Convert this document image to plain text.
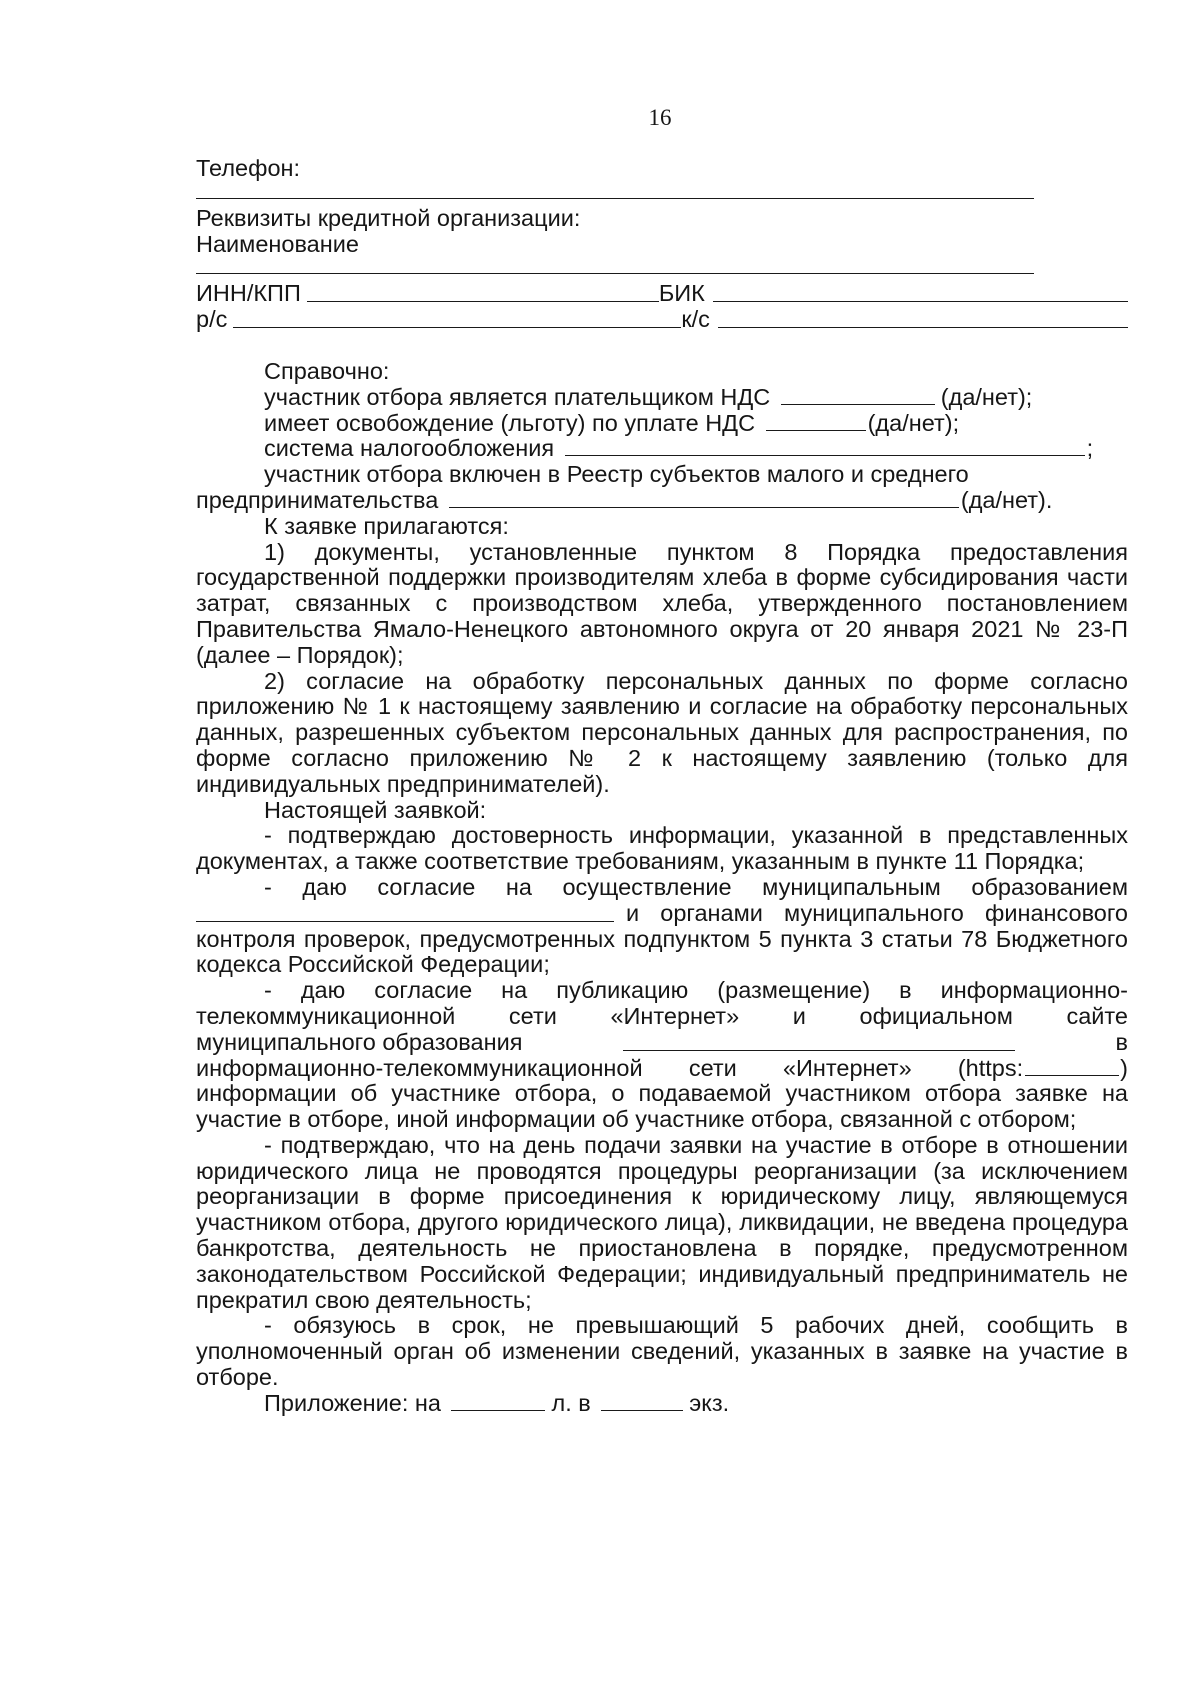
16

Телефон:

Реквизиты кредитной организации:

Наименование

ИНН/КПП	БИК
р/с	к/с

Справочно:

участник отбора является плательщиком НДС	(да/нет);

имеет освобождение (льготу) по уплате НДС	(да/нет);

система налогообложения	;

участник отбора включен в Реестр субъектов малого и среднего

предпринимательства	(да/нет).

К заявке прилагаются:

1) документы, установленные пунктом 8 Порядка предоставления государственной поддержки производителям хлеба в форме субсидирования части затрат, связанных с производством хлеба, утвержденного постановлением Правительства Ямало-Ненецкого автономного округа от 20 января 2021 № 23-П (далее – Порядок);

2) согласие на обработку персональных данных по форме согласно приложению № 1 к настоящему заявлению и согласие на обработку персональных данных, разрешенных субъектом персональных данных для распространения, по форме согласно приложению № 2 к настоящему заявлению (только для индивидуальных предпринимателей).

Настоящей заявкой:

- подтверждаю достоверность информации, указанной в представленных документах, а также соответствие требованиям, указанным в пункте 11 Порядка;

- даю согласие на осуществление муниципальным образованием

и органами муниципального финансового

контроля проверок, предусмотренных подпунктом 5 пункта 3 статьи 78 Бюджетного кодекса Российской Федерации;

- даю согласие на публикацию (размещение) в информационно-

телекоммуникационной сети «Интернет» и официальном сайте

муниципального образования	в
информационно-телекоммуникационной сети «Интернет» (https:	)

информации об участнике отбора, о подаваемой участником отбора заявке на участие в отборе, иной информации об участнике отбора, связанной с отбором;

- подтверждаю, что на день подачи заявки на участие в отборе в отношении юридического лица не проводятся процедуры реорганизации (за исключением реорганизации в форме присоединения к юридическому лицу, являющемуся участником отбора, другого юридического лица), ликвидации, не введена процедура банкротства, деятельность не приостановлена в порядке, предусмотренном законодательством Российской Федерации; индивидуальный предприниматель не прекратил свою деятельность;

- обязуюсь в срок, не превышающий 5 рабочих дней, сообщить в уполномоченный орган об изменении сведений, указанных в заявке на участие в отборе.

Приложение: на	л. в	экз.
